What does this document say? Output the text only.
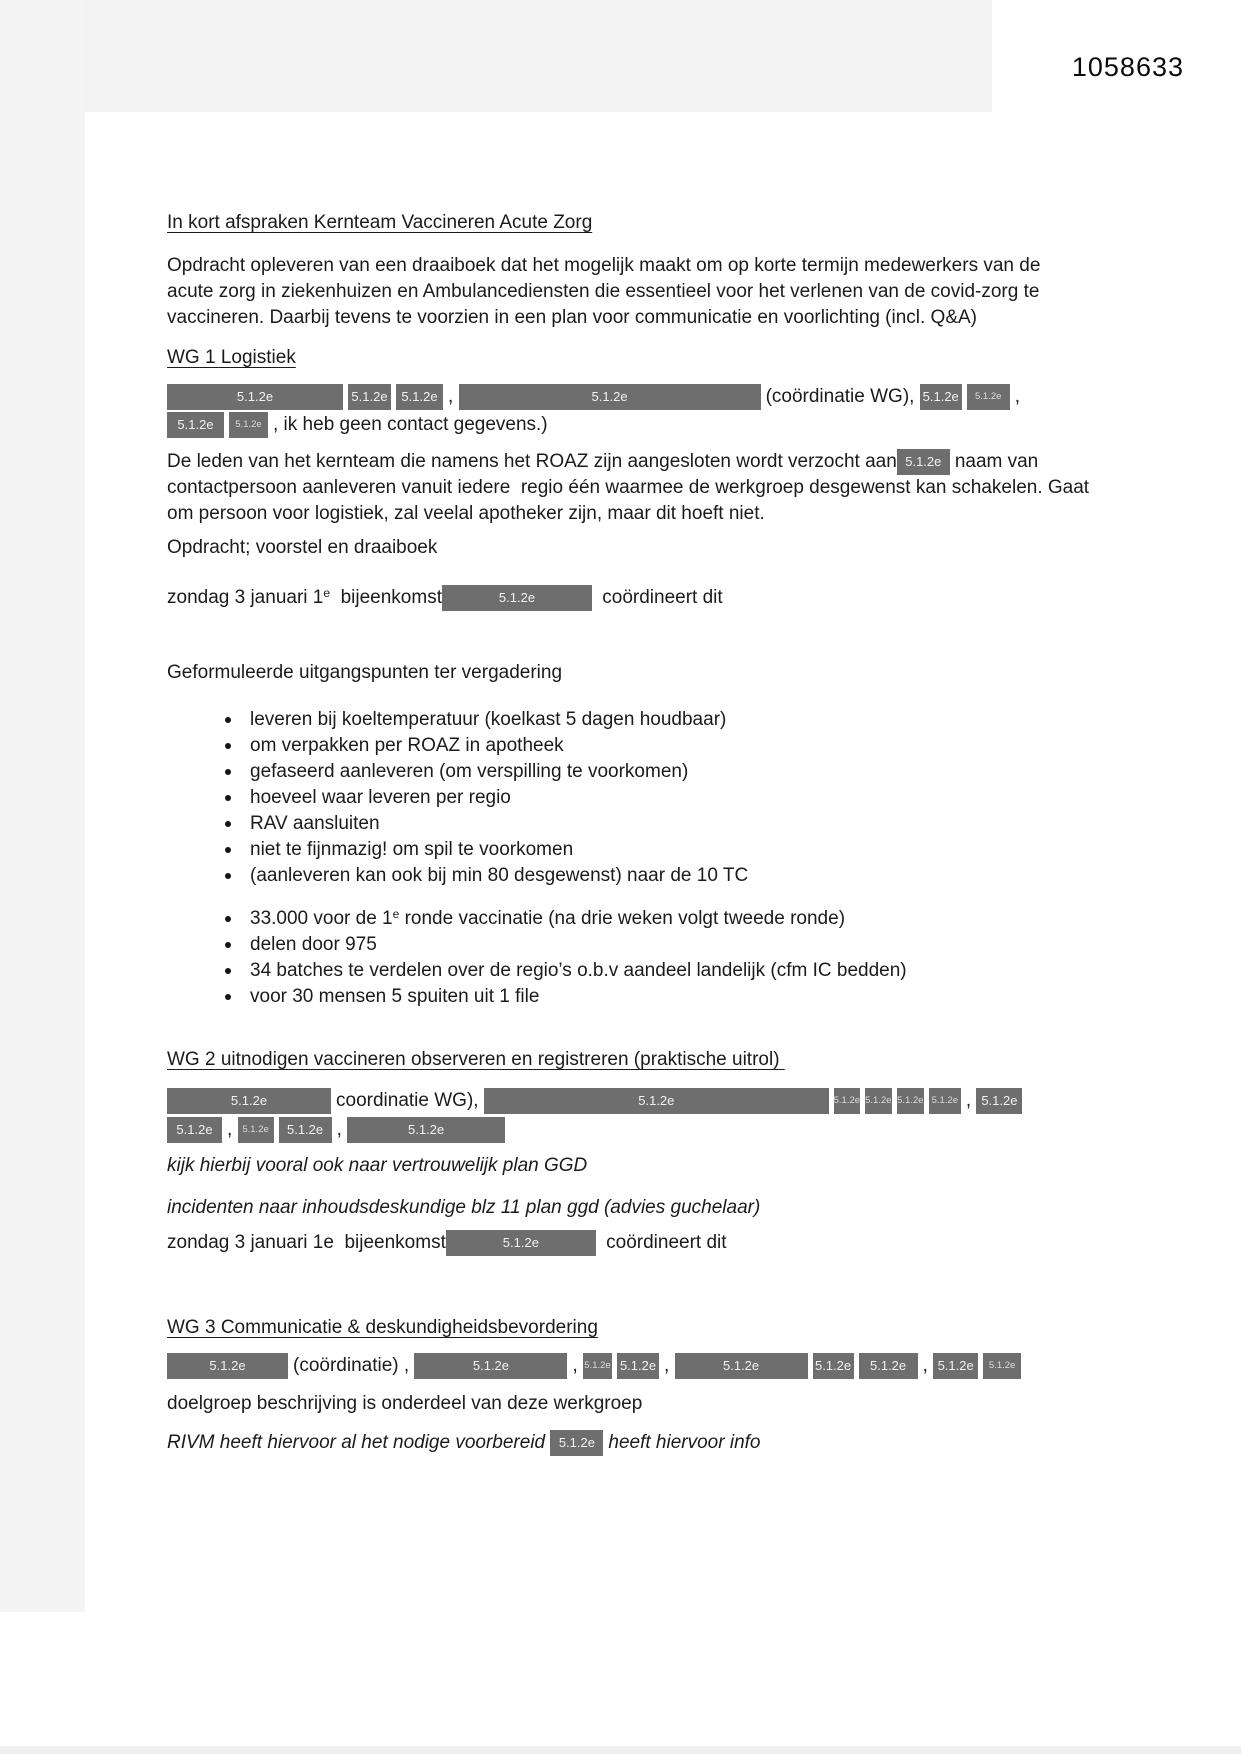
1058633
In kort afspraken Kernteam Vaccineren Acute Zorg
Opdracht opleveren van een draaiboek dat het mogelijk maakt om op korte termijn medewerkers van de
acute zorg in ziekenhuizen en Ambulancediensten die essentieel voor het verlenen van de covid-zorg te
vaccineren. Daarbij tevens te voorzien in een plan voor communicatie en voorlichting (incl. Q&A)
WG 1 Logistiek
5.1.2e	5.1.2e 5.1.2e ,	5.1.2e	(coördinatie WG), 5.1.2e 5.1.2e ,
5.1.2e 5.1.2e , ik heb geen contact gegevens.)
De leden van het kernteam die namens het ROAZ zijn aangesloten wordt verzocht aan 5.1.2e naam van
contactpersoon aanleveren vanuit iedere  regio één waarmee de werkgroep desgewenst kan schakelen. Gaat
om persoon voor logistiek, zal veelal apotheker zijn, maar dit hoeft niet.
Opdracht; voorstel en draaiboek
zondag 3 januari 1e  bijeenkomst	5.1.2e	coördineert dit
Geformuleerde uitgangspunten ter vergadering
leveren bij koeltemperatuur (koelkast 5 dagen houdbaar)
om verpakken per ROAZ in apotheek
gefaseerd aanleveren (om verspilling te voorkomen)
hoeveel waar leveren per regio
RAV aansluiten
niet te fijnmazig! om spil te voorkomen
(aanleveren kan ook bij min 80 desgewenst) naar de 10 TC
33.000 voor de 1e ronde vaccinatie (na drie weken volgt tweede ronde)
delen door 975
34 batches te verdelen over de regio’s o.b.v aandeel landelijk (cfm IC bedden)
voor 30 mensen 5 spuiten uit 1 file
WG 2 uitnodigen vaccineren observeren en registreren (praktische uitrol)
5.1.2e	coordinatie WG),	5.1.2e	5.1.2e 5.1.2e 5.1.2e 5.1.2e , 5.1.2e
5.1.2e , 5.1.2e 5.1.2e ,	5.1.2e
kijk hierbij vooral ook naar vertrouwelijk plan GGD
incidenten naar inhoudsdeskundige blz 11 plan ggd (advies guchelaar)
zondag 3 januari 1e  bijeenkomst	5.1.2e	coördineert dit
WG 3 Communicatie & deskundigheidsbevordering
5.1.2e (coördinatie) ,	5.1.2e	, 5.1.2e 5.1.2e ,	5.1.2e	5.1.2e 5.1.2e , 5.1.2e 5.1.2e
doelgroep beschrijving is onderdeel van deze werkgroep
RIVM heeft hiervoor al het nodige voorbereid 5.1.2e heeft hiervoor info
